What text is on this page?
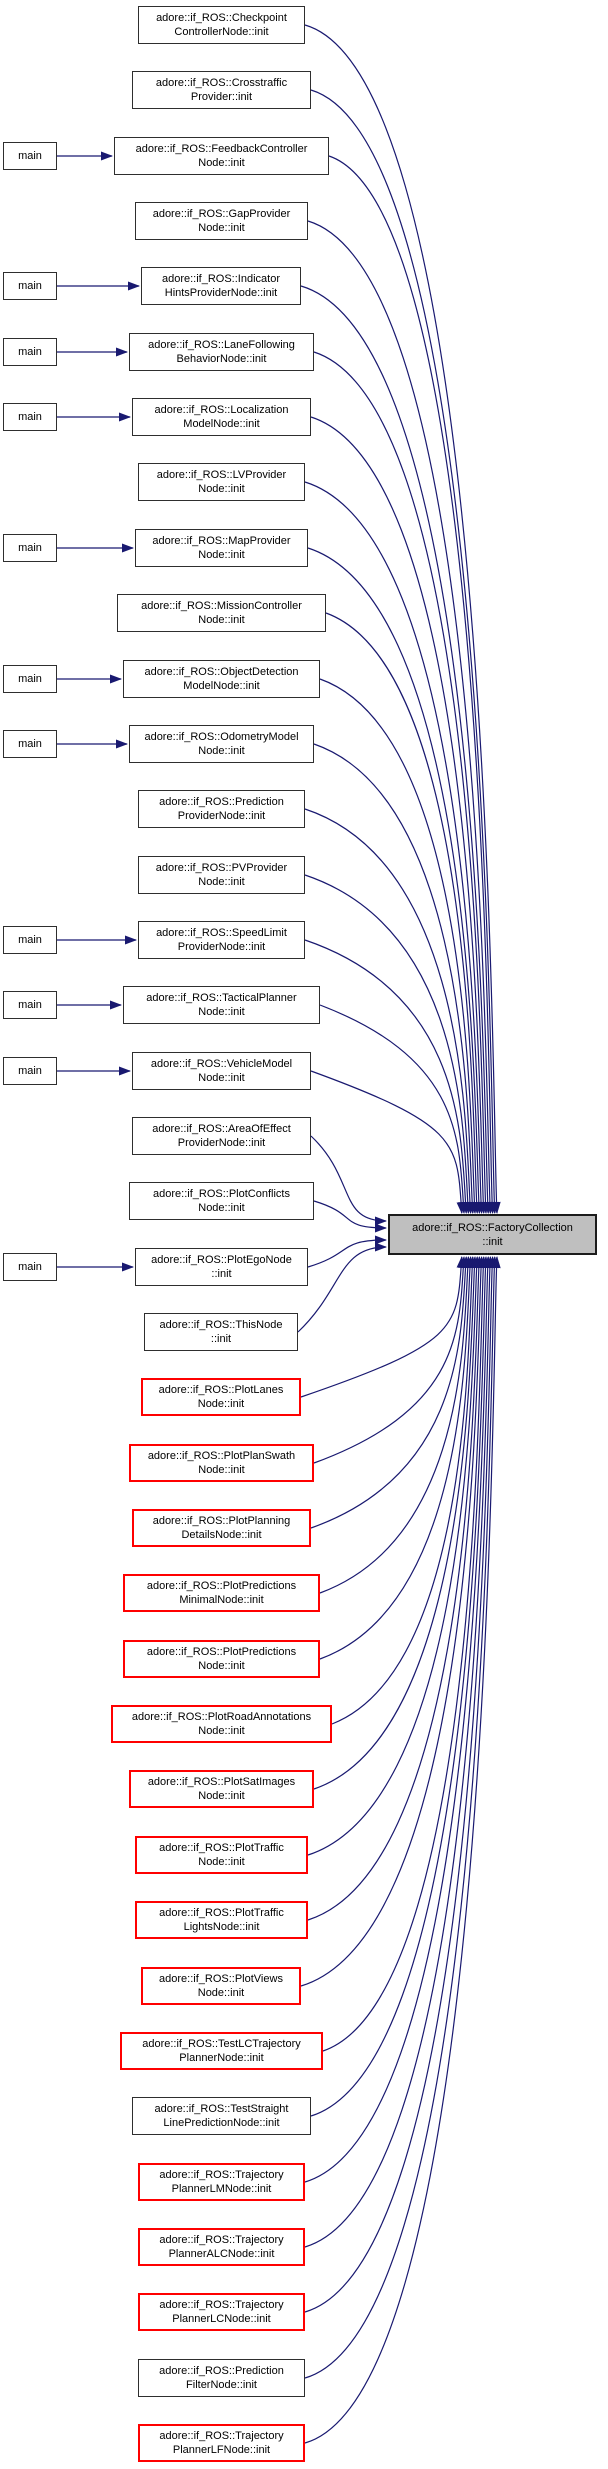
adore::if_ROS::FactoryCollection
::init
adore::if_ROS::Checkpoint
ControllerNode::init
adore::if_ROS::Crosstraffic
Provider::init
adore::if_ROS::FeedbackController
Node::init
main
adore::if_ROS::GapProvider
Node::init
adore::if_ROS::Indicator
HintsProviderNode::init
main
adore::if_ROS::LaneFollowing
BehaviorNode::init
main
adore::if_ROS::Localization
ModelNode::init
main
adore::if_ROS::LVProvider
Node::init
adore::if_ROS::MapProvider
Node::init
main
adore::if_ROS::MissionController
Node::init
adore::if_ROS::ObjectDetection
ModelNode::init
main
adore::if_ROS::OdometryModel
Node::init
main
adore::if_ROS::Prediction
ProviderNode::init
adore::if_ROS::PVProvider
Node::init
adore::if_ROS::SpeedLimit
ProviderNode::init
main
adore::if_ROS::TacticalPlanner
Node::init
main
adore::if_ROS::VehicleModel
Node::init
main
adore::if_ROS::AreaOfEffect
ProviderNode::init
adore::if_ROS::PlotConflicts
Node::init
adore::if_ROS::PlotEgoNode
::init
main
adore::if_ROS::ThisNode
::init
adore::if_ROS::PlotLanes
Node::init
adore::if_ROS::PlotPlanSwath
Node::init
adore::if_ROS::PlotPlanning
DetailsNode::init
adore::if_ROS::PlotPredictions
MinimalNode::init
adore::if_ROS::PlotPredictions
Node::init
adore::if_ROS::PlotRoadAnnotations
Node::init
adore::if_ROS::PlotSatImages
Node::init
adore::if_ROS::PlotTraffic
Node::init
adore::if_ROS::PlotTraffic
LightsNode::init
adore::if_ROS::PlotViews
Node::init
adore::if_ROS::TestLCTrajectory
PlannerNode::init
adore::if_ROS::TestStraight
LinePredictionNode::init
adore::if_ROS::Trajectory
PlannerLMNode::init
adore::if_ROS::Trajectory
PlannerALCNode::init
adore::if_ROS::Trajectory
PlannerLCNode::init
adore::if_ROS::Prediction
FilterNode::init
adore::if_ROS::Trajectory
PlannerLFNode::init
